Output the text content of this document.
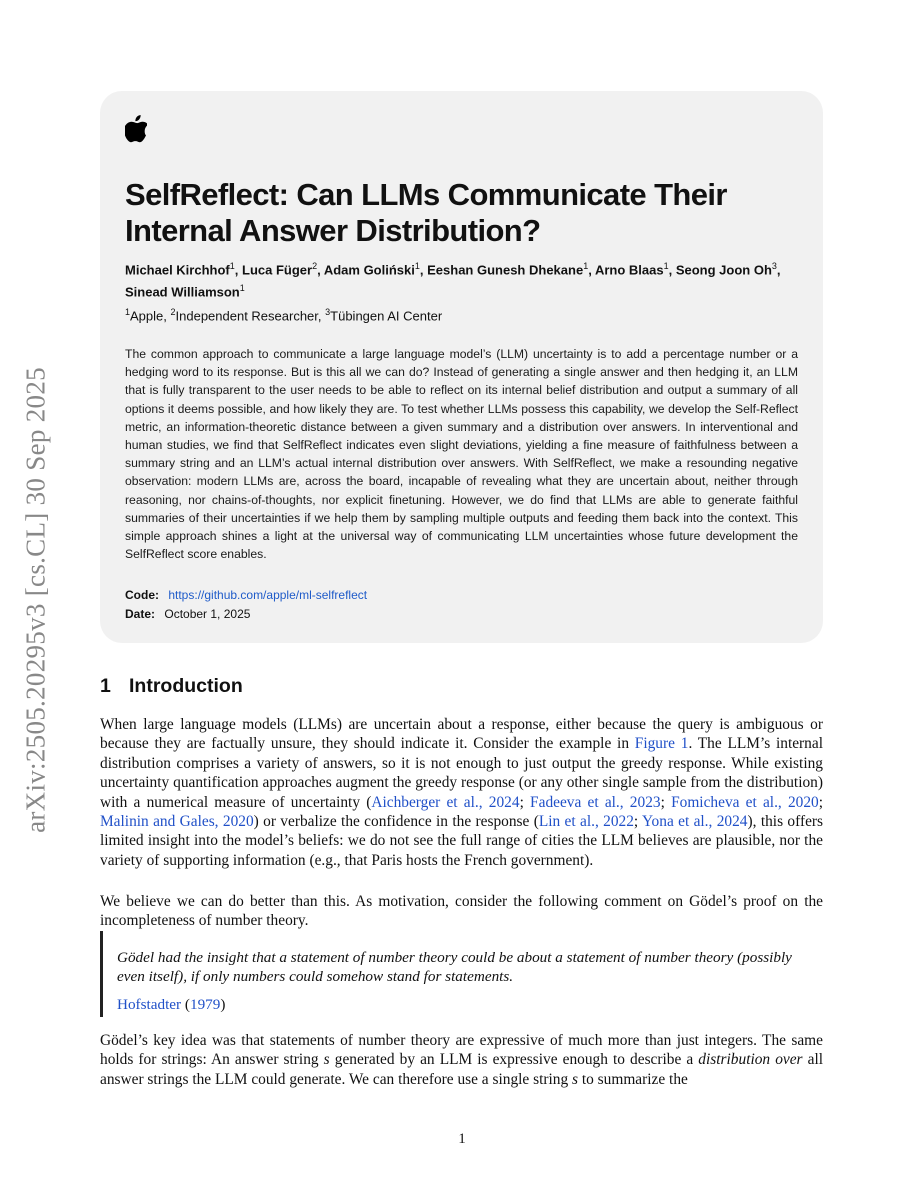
arXiv:2505.20295v3 [cs.CL] 30 Sep 2025
SelfReflect: Can LLMs Communicate Their Internal Answer Distribution?
Michael Kirchhof$^1$, Luca Füger$^2$, Adam Goliński$^1$, Eeshan Gunesh Dhekane$^1$, Arno Blaas$^1$, Seong Joon Oh$^3$, Sinead Williamson$^1$
$^1$Apple, $^2$Independent Researcher, $^3$Tübingen AI Center

The common approach to communicate a large language model’s (LLM) uncertainty is to add a percentage number or a hedging word to its response. But is this all we can do? Instead of generating a single answer and then hedging it, an LLM that is fully transparent to the user needs to be able to reflect on its internal belief distribution and output a summary of all options it deems possible, and how likely they are. To test whether LLMs possess this capability, we develop the Self-Reflect metric, an information-theoretic distance between a given summary and a distribution over answers. In interventional and human studies, we find that SelfReflect indicates even slight deviations, yielding a fine measure of faithfulness between a summary string and an LLM’s actual internal distribution over answers. With SelfReflect, we make a resounding negative observation: modern LLMs are, across the board, incapable of revealing what they are uncertain about, neither through reasoning, nor chains-of-thoughts, nor explicit finetuning. However, we do find that LLMs are able to generate faithful summaries of their uncertainties if we help them by sampling multiple outputs and feeding them back into the context. This simple approach shines a light at the universal way of communicating LLM uncertainties whose future development the SelfReflect score enables.

Code: https://github.com/apple/ml-selfreflect
Date: October 1, 2025
1 Introduction

When large language models (LLMs) are uncertain about a response, either because the query is ambiguous or because they are factually unsure, they should indicate it. Consider the example in Figure 1. The LLM’s internal distribution comprises a variety of answers, so it is not enough to just output the greedy response. While existing uncertainty quantification approaches augment the greedy response (or any other single sample from the distribution) with a numerical measure of uncertainty (Aichberger et al., 2024; Fadeeva et al., 2023; Fomicheva et al., 2020; Malinin and Gales, 2020) or verbalize the confidence in the response (Lin et al., 2022; Yona et al., 2024), this offers limited insight into the model’s beliefs: we do not see the full range of cities the LLM believes are plausible, nor the variety of supporting information (e.g., that Paris hosts the French government).

We believe we can do better than this. As motivation, consider the following comment on Gödel’s proof on the incompleteness of number theory.

Gödel had the insight that a statement of number theory could be about a statement of number theory (possibly even itself), if only numbers could somehow stand for statements.

Hofstadter (1979)

Gödel’s key idea was that statements of number theory are expressive of much more than just integers. The same holds for strings: An answer string s generated by an LLM is expressive enough to describe a distribution over all answer strings the LLM could generate. We can therefore use a single string s to summarize the

1
